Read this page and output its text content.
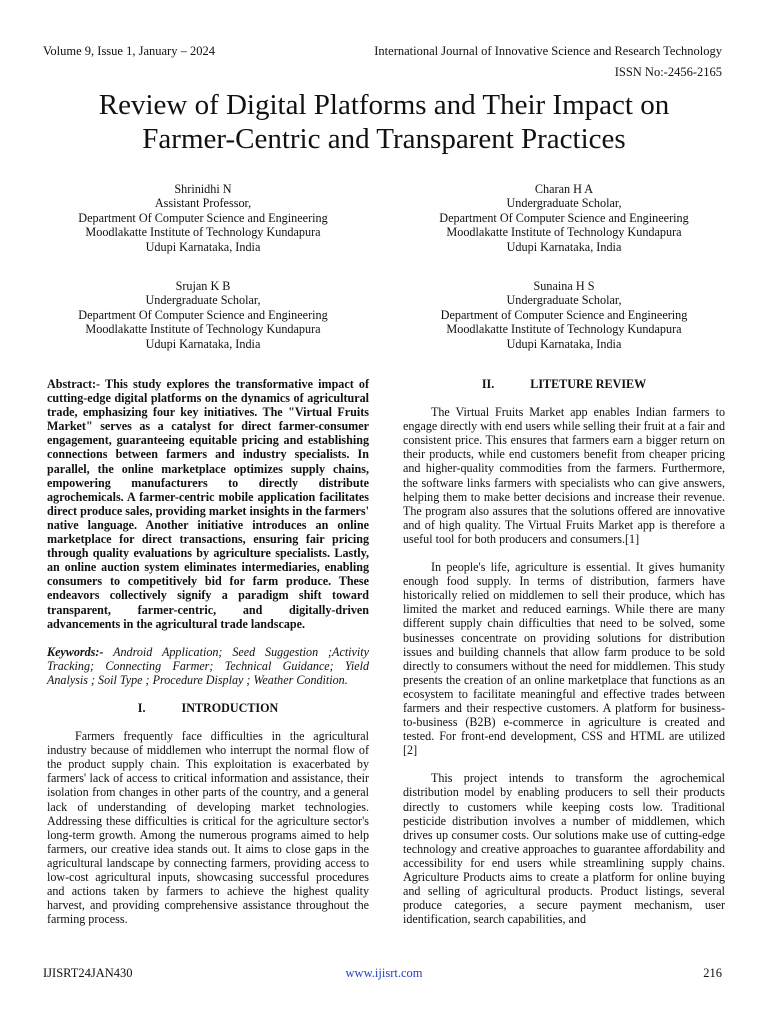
Volume 9, Issue 1, January – 2024	International Journal of Innovative Science and Research Technology
ISSN No:-2456-2165
Review of Digital Platforms and Their Impact on
Farmer-Centric and Transparent Practices
Shrinidhi N
Assistant Professor,
Department Of Computer Science and Engineering
Moodlakatte Institute of Technology Kundapura
Udupi Karnataka, India
Charan H A
Undergraduate Scholar,
Department Of Computer Science and Engineering
Moodlakatte Institute of Technology Kundapura
Udupi Karnataka, India
Srujan K B
Undergraduate Scholar,
Department Of Computer Science and Engineering
Moodlakatte Institute of Technology Kundapura
Udupi Karnataka, India
Sunaina H S
Undergraduate Scholar,
Department of Computer Science and Engineering
Moodlakatte Institute of Technology Kundapura
Udupi Karnataka, India

Abstract:- This study explores the transformative impact of cutting-edge digital platforms on the dynamics of agricultural trade, emphasizing four key initiatives. The "Virtual Fruits Market" serves as a catalyst for direct farmer-consumer engagement, guaranteeing equitable pricing and establishing connections between farmers and industry specialists. In parallel, the online marketplace optimizes supply chains, empowering manufacturers to directly distribute agrochemicals. A farmer-centric mobile application facilitates direct produce sales, providing market insights in the farmers' native language. Another initiative introduces an online marketplace for direct transactions, ensuring fair pricing through quality evaluations by agriculture specialists. Lastly, an online auction system eliminates intermediaries, enabling consumers to competitively bid for farm produce. These endeavors collectively signify a paradigm shift toward transparent, farmer-centric, and digitally-driven advancements in the agricultural trade landscape.

Keywords:- Android Application; Seed Suggestion ;Activity Tracking; Connecting Farmer; Technical Guidance; Yield Analysis ; Soil Type ; Procedure Display ; Weather Condition.

I.	INTRODUCTION

Farmers frequently face difficulties in the agricultural industry because of middlemen who interrupt the normal flow of the product supply chain. This exploitation is exacerbated by farmers' lack of access to critical information and assistance, their isolation from changes in other parts of the country, and a general lack of understanding of developing market technologies. Addressing these difficulties is critical for the agriculture sector's long-term growth. Among the numerous programs aimed to help farmers, our creative idea stands out. It aims to close gaps in the agricultural landscape by connecting farmers, providing access to low-cost agricultural inputs, showcasing successful procedures and actions taken by farmers to achieve the highest quality harvest, and providing comprehensive assistance throughout the farming process.

II.	LITETURE REVIEW

The Virtual Fruits Market app enables Indian farmers to engage directly with end users while selling their fruit at a fair and consistent price. This ensures that farmers earn a bigger return on their products, while end customers benefit from cheaper pricing and higher-quality commodities from the farmers. Furthermore, the software links farmers with specialists who can give answers, helping them to make better decisions and increase their revenue. The program also assures that the solutions offered are innovative and of high quality. The Virtual Fruits Market app is therefore a useful tool for both producers and consumers.[1]

In people's life, agriculture is essential. It gives humanity enough food supply. In terms of distribution, farmers have historically relied on middlemen to sell their produce, which has limited the market and reduced earnings. While there are many different supply chain difficulties that need to be solved, some businesses concentrate on providing solutions for distribution issues and building channels that allow farm produce to be sold directly to consumers without the need for middlemen. This study presents the creation of an online marketplace that functions as an ecosystem to facilitate meaningful and effective trades between farmers and their respective customers. A platform for business-to-business (B2B) e-commerce in agriculture is created and tested. For front-end development, CSS and HTML are utilized [2]

This project intends to transform the agrochemical distribution model by enabling producers to sell their products directly to customers while keeping costs low. Traditional pesticide distribution involves a number of middlemen, which drives up consumer costs. Our solutions make use of cutting-edge technology and creative approaches to guarantee affordability and accessibility for end users while streamlining supply chains. Agriculture Products aims to create a platform for online buying and selling of agricultural products. Product listings, several produce categories, a secure payment mechanism, user identification, search capabilities, and

IJISRT24JAN430	www.ijisrt.com	216
